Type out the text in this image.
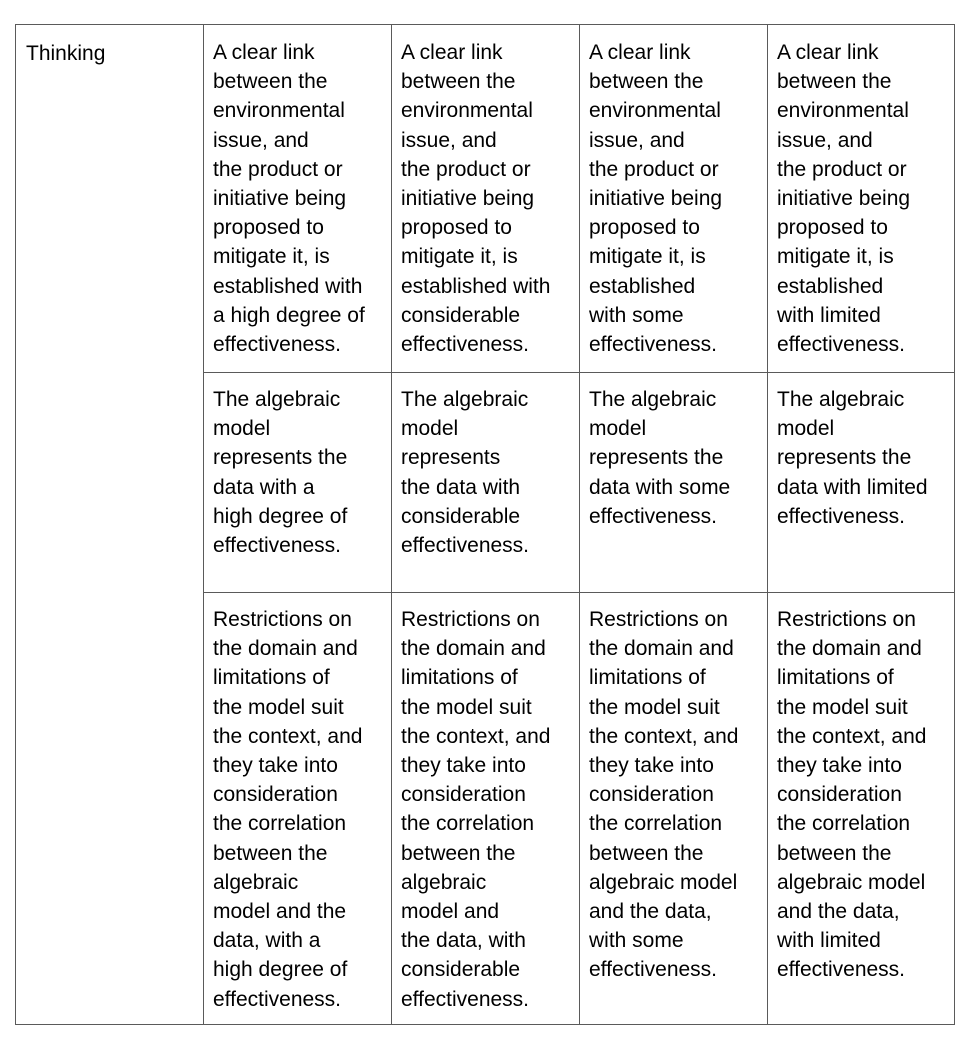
Thinking	A clear link
between the
environmental
issue, and
the product or
initiative being
proposed to
mitigate it, is
established with
a high degree of
effectiveness.
A clear link
between the
environmental
issue, and
the product or
initiative being
proposed to
mitigate it, is
established with
considerable
effectiveness.
A clear link
between the
environmental
issue, and
the product or
initiative being
proposed to
mitigate it, is
established
with some
effectiveness.
A clear link
between the
environmental
issue, and
the product or
initiative being
proposed to
mitigate it, is
established
with limited
effectiveness.
The algebraic
model
represents the
data with a
high degree of
effectiveness.
The algebraic
model
represents
the data with
considerable
effectiveness.
The algebraic
model
represents the
data with some
effectiveness.
The algebraic
model
represents the
data with limited
effectiveness.
Restrictions on
the domain and
limitations of
the model suit
the context, and
they take into
consideration
the correlation
between the
algebraic
model and the
data, with a
high degree of
effectiveness.
Restrictions on
the domain and
limitations of
the model suit
the context, and
they take into
consideration
the correlation
between the
algebraic
model and
the data, with
considerable
effectiveness.
Restrictions on
the domain and
limitations of
the model suit
the context, and
they take into
consideration
the correlation
between the
algebraic model
and the data,
with some
effectiveness.
Restrictions on
the domain and
limitations of
the model suit
the context, and
they take into
consideration
the correlation
between the
algebraic model
and the data,
with limited
effectiveness.
